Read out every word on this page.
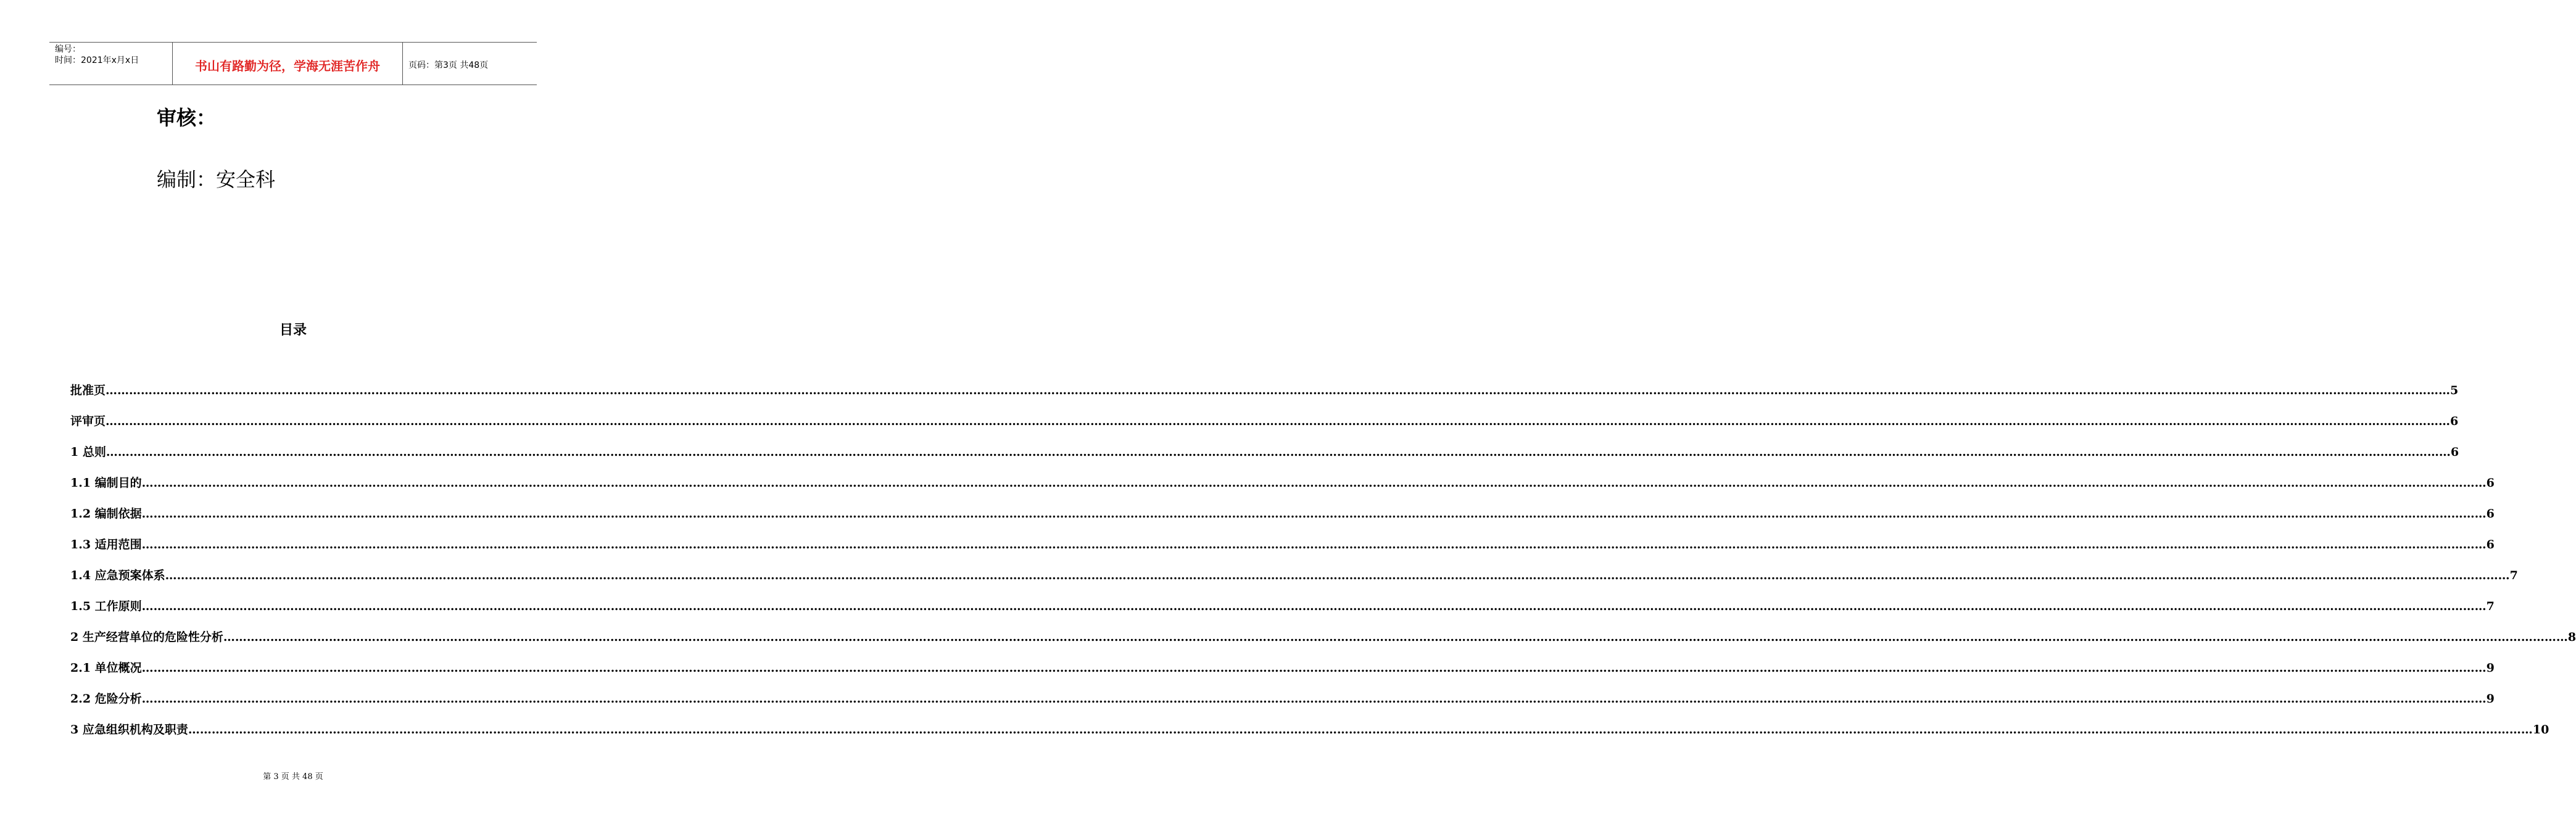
编号：
时间：2021年x月x日	书山有路勤为径，学海无涯苦作舟	页码：第3页 共48页
审核：
编制：安全科
目录
批准页 …………………………………………………………………………………………………………………………………………………………………………………………………………………………………………………………………………………………………………………………………………………………………………………………………………………………………………………………………………………………………………………………………………………… 5
评审页 …………………………………………………………………………………………………………………………………………………………………………………………………………………………………………………………………………………………………………………………………………………………………………………………………………………………………………………………………………………………………………………………………………………… 6
1 总则 …………………………………………………………………………………………………………………………………………………………………………………………………………………………………………………………………………………………………………………………………………………………………………………………………………………………………………………………………………………………………………………………………………………… 6
1.1 编制目的 …………………………………………………………………………………………………………………………………………………………………………………………………………………………………………………………………………………………………………………………………………………………………………………………………………………………………………………………………………………………………………………………………………………… 6
1.2 编制依据 …………………………………………………………………………………………………………………………………………………………………………………………………………………………………………………………………………………………………………………………………………………………………………………………………………………………………………………………………………………………………………………………………………………… 6
1.3 适用范围 …………………………………………………………………………………………………………………………………………………………………………………………………………………………………………………………………………………………………………………………………………………………………………………………………………………………………………………………………………………………………………………………………………………… 6
1.4 应急预案体系 …………………………………………………………………………………………………………………………………………………………………………………………………………………………………………………………………………………………………………………………………………………………………………………………………………………………………………………………………………………………………………………………………………………… 7
1.5 工作原则 …………………………………………………………………………………………………………………………………………………………………………………………………………………………………………………………………………………………………………………………………………………………………………………………………………………………………………………………………………………………………………………………………………………… 7
2 生产经营单位的危险性分析 …………………………………………………………………………………………………………………………………………………………………………………………………………………………………………………………………………………………………………………………………………………………………………………………………………………………………………………………………………………………………………………………………………………… 8
2.1 单位概况 …………………………………………………………………………………………………………………………………………………………………………………………………………………………………………………………………………………………………………………………………………………………………………………………………………………………………………………………………………………………………………………………………………………… 9
2.2 危险分析 …………………………………………………………………………………………………………………………………………………………………………………………………………………………………………………………………………………………………………………………………………………………………………………………………………………………………………………………………………………………………………………………………………………… 9
3 应急组织机构及职责 …………………………………………………………………………………………………………………………………………………………………………………………………………………………………………………………………………………………………………………………………………………………………………………………………………………………………………………………………………………………………………………………………………………… 10
第 3 页 共 48 页
